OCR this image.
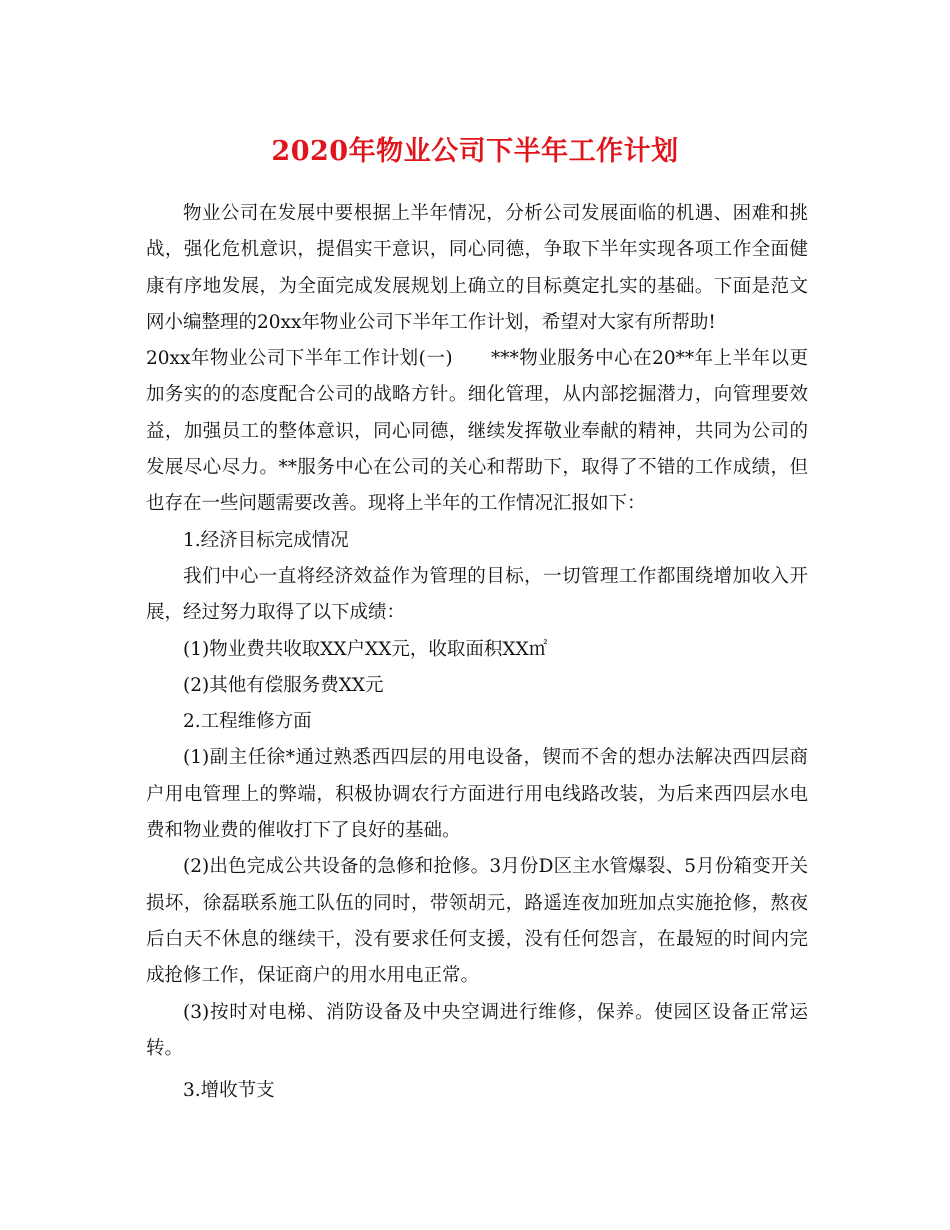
2020年物业公司下半年工作计划

物业公司在发展中要根据上半年情况，分析公司发展面临的机遇、困难和挑战，强化危机意识，提倡实干意识，同心同德，争取下半年实现各项工作全面健康有序地发展，为全面完成发展规划上确立的目标奠定扎实的基础。下面是范文网小编整理的20xx年物业公司下半年工作计划，希望对大家有所帮助!

20xx年物业公司下半年工作计划(一)　　***物业服务中心在20**年上半年以更加务实的的态度配合公司的战略方针。细化管理，从内部挖掘潜力，向管理要效益，加强员工的整体意识，同心同德，继续发挥敬业奉献的精神，共同为公司的发展尽心尽力。**服务中心在公司的关心和帮助下，取得了不错的工作成绩，但也存在一些问题需要改善。现将上半年的工作情况汇报如下：

1.经济目标完成情况

我们中心一直将经济效益作为管理的目标，一切管理工作都围绕增加收入开展，经过努力取得了以下成绩：

(1)物业费共收取XX户XX元，收取面积XX㎡

(2)其他有偿服务费XX元

2.工程维修方面

(1)副主任徐*通过熟悉西四层的用电设备，锲而不舍的想办法解决西四层商户用电管理上的弊端，积极协调农行方面进行用电线路改装，为后来西四层水电费和物业费的催收打下了良好的基础。

(2)出色完成公共设备的急修和抢修。3月份D区主水管爆裂、5月份箱变开关损坏，徐磊联系施工队伍的同时，带领胡元，路遥连夜加班加点实施抢修，熬夜后白天不休息的继续干，没有要求任何支援，没有任何怨言，在最短的时间内完成抢修工作，保证商户的用水用电正常。

(3)按时对电梯、消防设备及中央空调进行维修，保养。使园区设备正常运转。

3.增收节支
